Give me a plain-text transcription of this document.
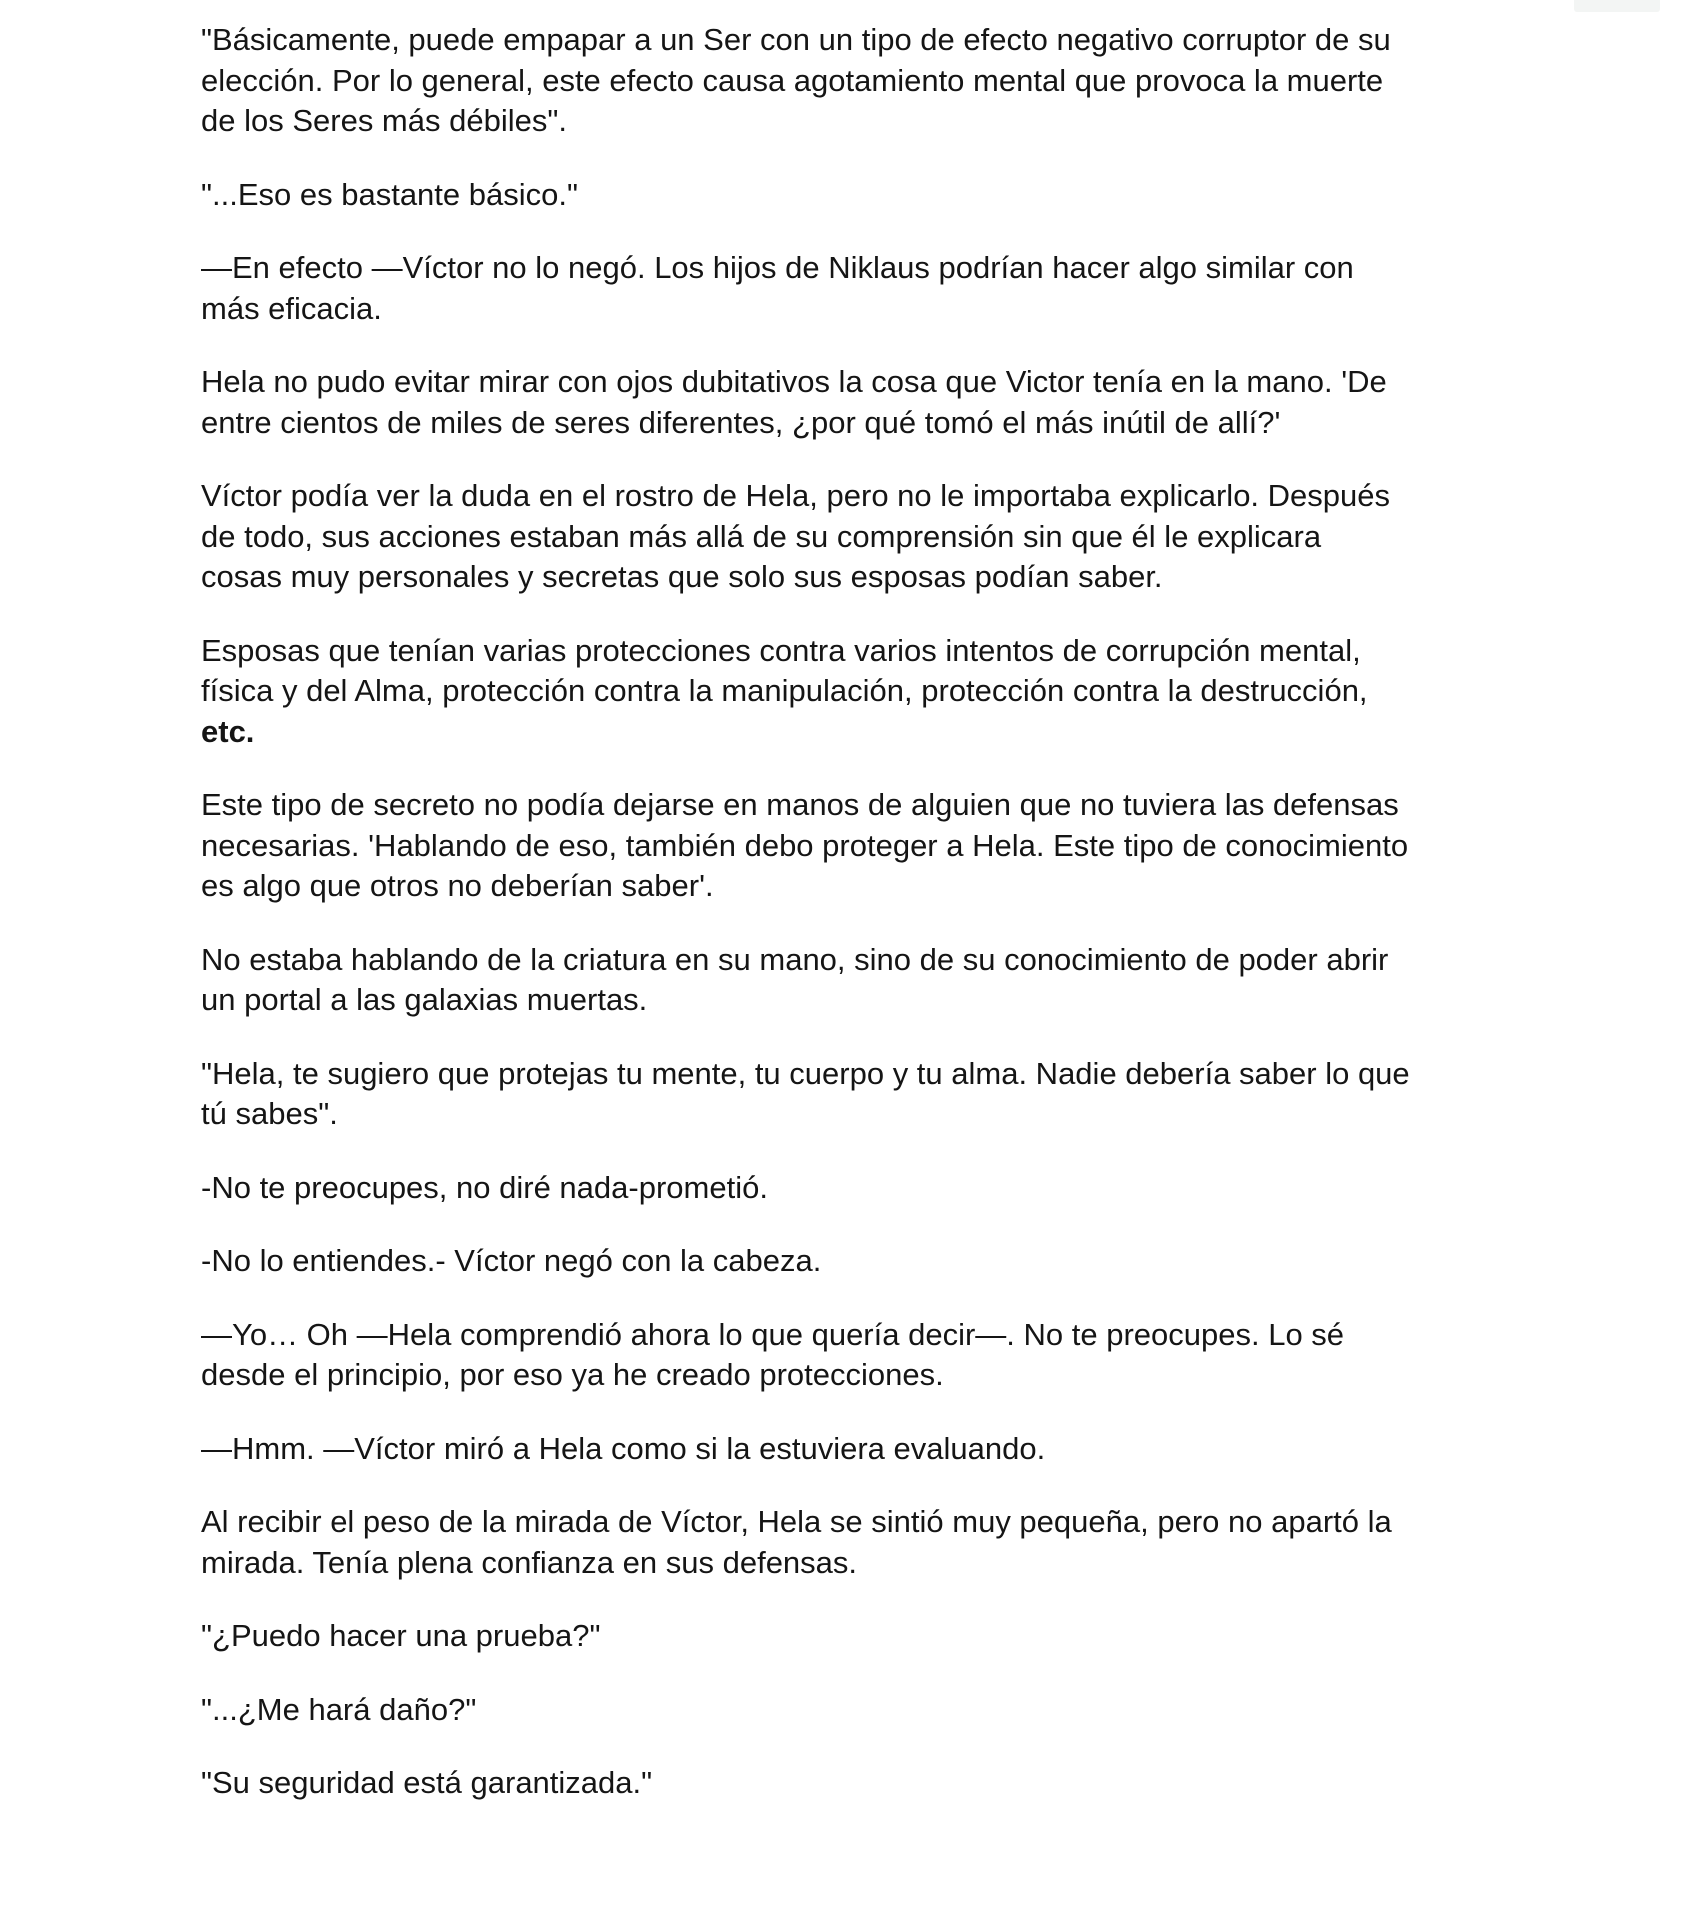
"Básicamente, puede empapar a un Ser con un tipo de efecto negativo corruptor de su
elección. Por lo general, este efecto causa agotamiento mental que provoca la muerte
de los Seres más débiles".

"...Eso es bastante básico."

—En efecto —Víctor no lo negó. Los hijos de Niklaus podrían hacer algo similar con
más eficacia.

Hela no pudo evitar mirar con ojos dubitativos la cosa que Victor tenía en la mano. 'De
entre cientos de miles de seres diferentes, ¿por qué tomó el más inútil de allí?'

Víctor podía ver la duda en el rostro de Hela, pero no le importaba explicarlo. Después
de todo, sus acciones estaban más allá de su comprensión sin que él le explicara
cosas muy personales y secretas que solo sus esposas podían saber.

Esposas que tenían varias protecciones contra varios intentos de corrupción mental,
física y del Alma, protección contra la manipulación, protección contra la destrucción,
etc.

Este tipo de secreto no podía dejarse en manos de alguien que no tuviera las defensas
necesarias. 'Hablando de eso, también debo proteger a Hela. Este tipo de conocimiento
es algo que otros no deberían saber'.

No estaba hablando de la criatura en su mano, sino de su conocimiento de poder abrir
un portal a las galaxias muertas.

"Hela, te sugiero que protejas tu mente, tu cuerpo y tu alma. Nadie debería saber lo que
tú sabes".

-No te preocupes, no diré nada-prometió.

-No lo entiendes.- Víctor negó con la cabeza.

—Yo… Oh —Hela comprendió ahora lo que quería decir—. No te preocupes. Lo sé
desde el principio, por eso ya he creado protecciones.

—Hmm. —Víctor miró a Hela como si la estuviera evaluando.

Al recibir el peso de la mirada de Víctor, Hela se sintió muy pequeña, pero no apartó la
mirada. Tenía plena confianza en sus defensas.

"¿Puedo hacer una prueba?"

"...¿Me hará daño?"

"Su seguridad está garantizada."
